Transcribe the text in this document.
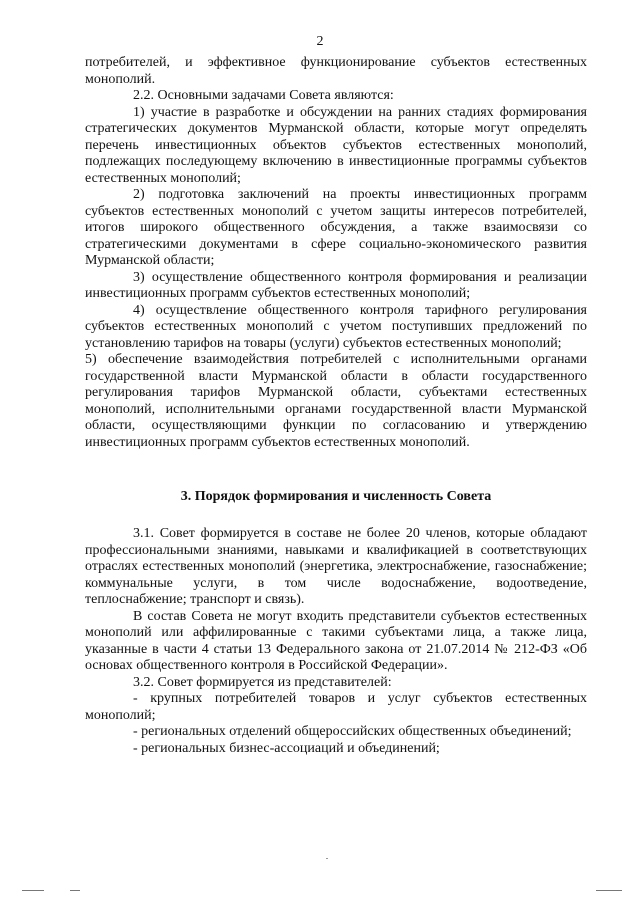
2

потребителей, и эффективное функционирование субъектов естественных монополий.

2.2. Основными задачами Совета являются:

1) участие в разработке и обсуждении на ранних стадиях формирования стратегических документов Мурманской области, которые могут определять перечень инвестиционных объектов субъектов естественных монополий, подлежащих последующему включению в инвестиционные программы субъектов естественных монополий;

2) подготовка заключений на проекты инвестиционных программ субъектов естественных монополий с учетом защиты интересов потребителей, итогов широкого общественного обсуждения, а также взаимосвязи со стратегическими документами в сфере социально-экономического развития Мурманской области;

3) осуществление общественного контроля формирования и реализации инвестиционных программ субъектов естественных монополий;

4) осуществление общественного контроля тарифного регулирования субъектов естественных монополий с учетом поступивших предложений по установлению тарифов на товары (услуги) субъектов естественных монополий;

5) обеспечение взаимодействия потребителей с исполнительными органами государственной власти Мурманской области в области государственного регулирования тарифов Мурманской области, субъектами естественных монополий, исполнительными органами государственной власти Мурманской области, осуществляющими функции по согласованию и утверждению инвестиционных программ субъектов естественных монополий.

3. Порядок формирования и численность Совета

3.1. Совет формируется в составе не более 20 членов, которые обладают профессиональными знаниями, навыками и квалификацией в соответствующих отраслях естественных монополий (энергетика, электроснабжение, газоснабжение; коммунальные услуги, в том числе водоснабжение, водоотведение, теплоснабжение; транспорт и связь).

В состав Совета не могут входить представители субъектов естественных монополий или аффилированные с такими субъектами лица, а также лица, указанные в части 4 статьи 13 Федерального закона от 21.07.2014 № 212-ФЗ «Об основах общественного контроля в Российской Федерации».

3.2. Совет формируется из представителей:

- крупных потребителей товаров и услуг субъектов естественных монополий;

- региональных отделений общероссийских общественных объединений;

- региональных бизнес-ассоциаций и объединений;
